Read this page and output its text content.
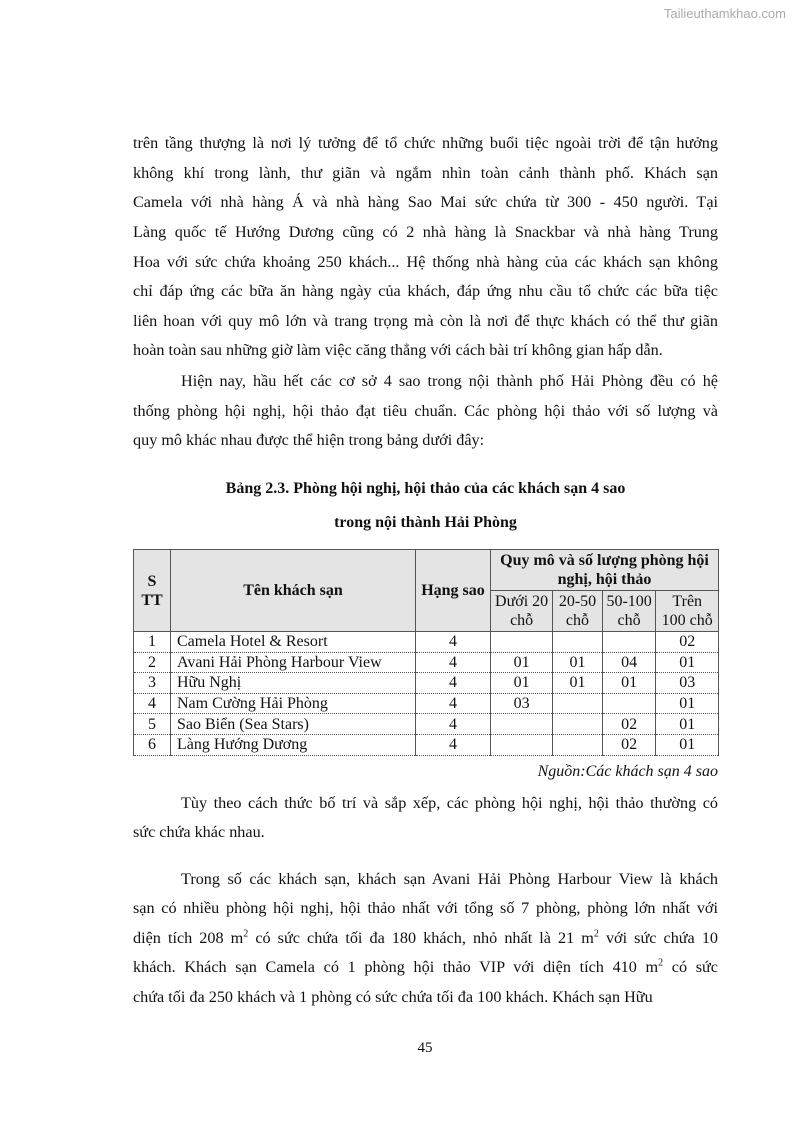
Tailieuthamkhao.com
trên tầng thượng là nơi lý tưởng để tổ chức những buổi tiệc ngoài trời để tận hưởng
không khí trong lành, thư giãn và ngắm nhìn toàn cảnh thành phố. Khách sạn
Camela với nhà hàng Á và nhà hàng Sao Mai sức chứa từ 300 - 450 người. Tại
Làng quốc tế Hướng Dương cũng có 2 nhà hàng là Snackbar và nhà hàng Trung
Hoa với sức chứa khoảng 250 khách... Hệ thống nhà hàng của các khách sạn không
chỉ đáp ứng các bữa ăn hàng ngày của khách, đáp ứng nhu cầu tổ chức các bữa tiệc
liên hoan với quy mô lớn và trang trọng mà còn là nơi để thực khách có thể thư giãn
hoàn toàn sau những giờ làm việc căng thẳng với cách bài trí không gian hấp dẫn.
Hiện nay, hầu hết các cơ sở 4 sao trong nội thành phố Hải Phòng đều có hệ
thống phòng hội nghị, hội thảo đạt tiêu chuẩn. Các phòng hội thảo với số lượng và
quy mô khác nhau được thể hiện trong bảng dưới đây:
Bảng 2.3. Phòng hội nghị, hội thảo của các khách sạn 4 sao
trong nội thành Hải Phòng
S TT	Tên khách sạn	Hạng sao	Quy mô và số lượng phòng hội nghị, hội thảo			
			Dưới 20 chỗ	20-50 chỗ	50-100 chỗ	Trên 100 chỗ
1	Camela Hotel & Resort	4				02
2	Avani Hải Phòng Harbour View	4	01	01	04	01
3	Hữu Nghị	4	01	01	01	03
4	Nam Cường Hải Phòng	4	03			01
5	Sao Biển (Sea Stars)	4			02	01
6	Làng Hướng Dương	4			02	01
Nguồn:Các khách sạn 4 sao
Tùy theo cách thức bố trí và sắp xếp, các phòng hội nghị, hội thảo thường có
sức chứa khác nhau.
Trong số các khách sạn, khách sạn Avani Hải Phòng Harbour View là khách
sạn có nhiều phòng hội nghị, hội thảo nhất với tổng số 7 phòng, phòng lớn nhất với
diện tích 208 $m^2$ có sức chứa tối đa 180 khách, nhỏ nhất là 21 $m^2$ với sức chứa 10
khách. Khách sạn Camela có 1 phòng hội thảo VIP với diện tích 410 $m^2$ có sức
chứa tối đa 250 khách và 1 phòng có sức chứa tối đa 100 khách. Khách sạn Hữu
45
